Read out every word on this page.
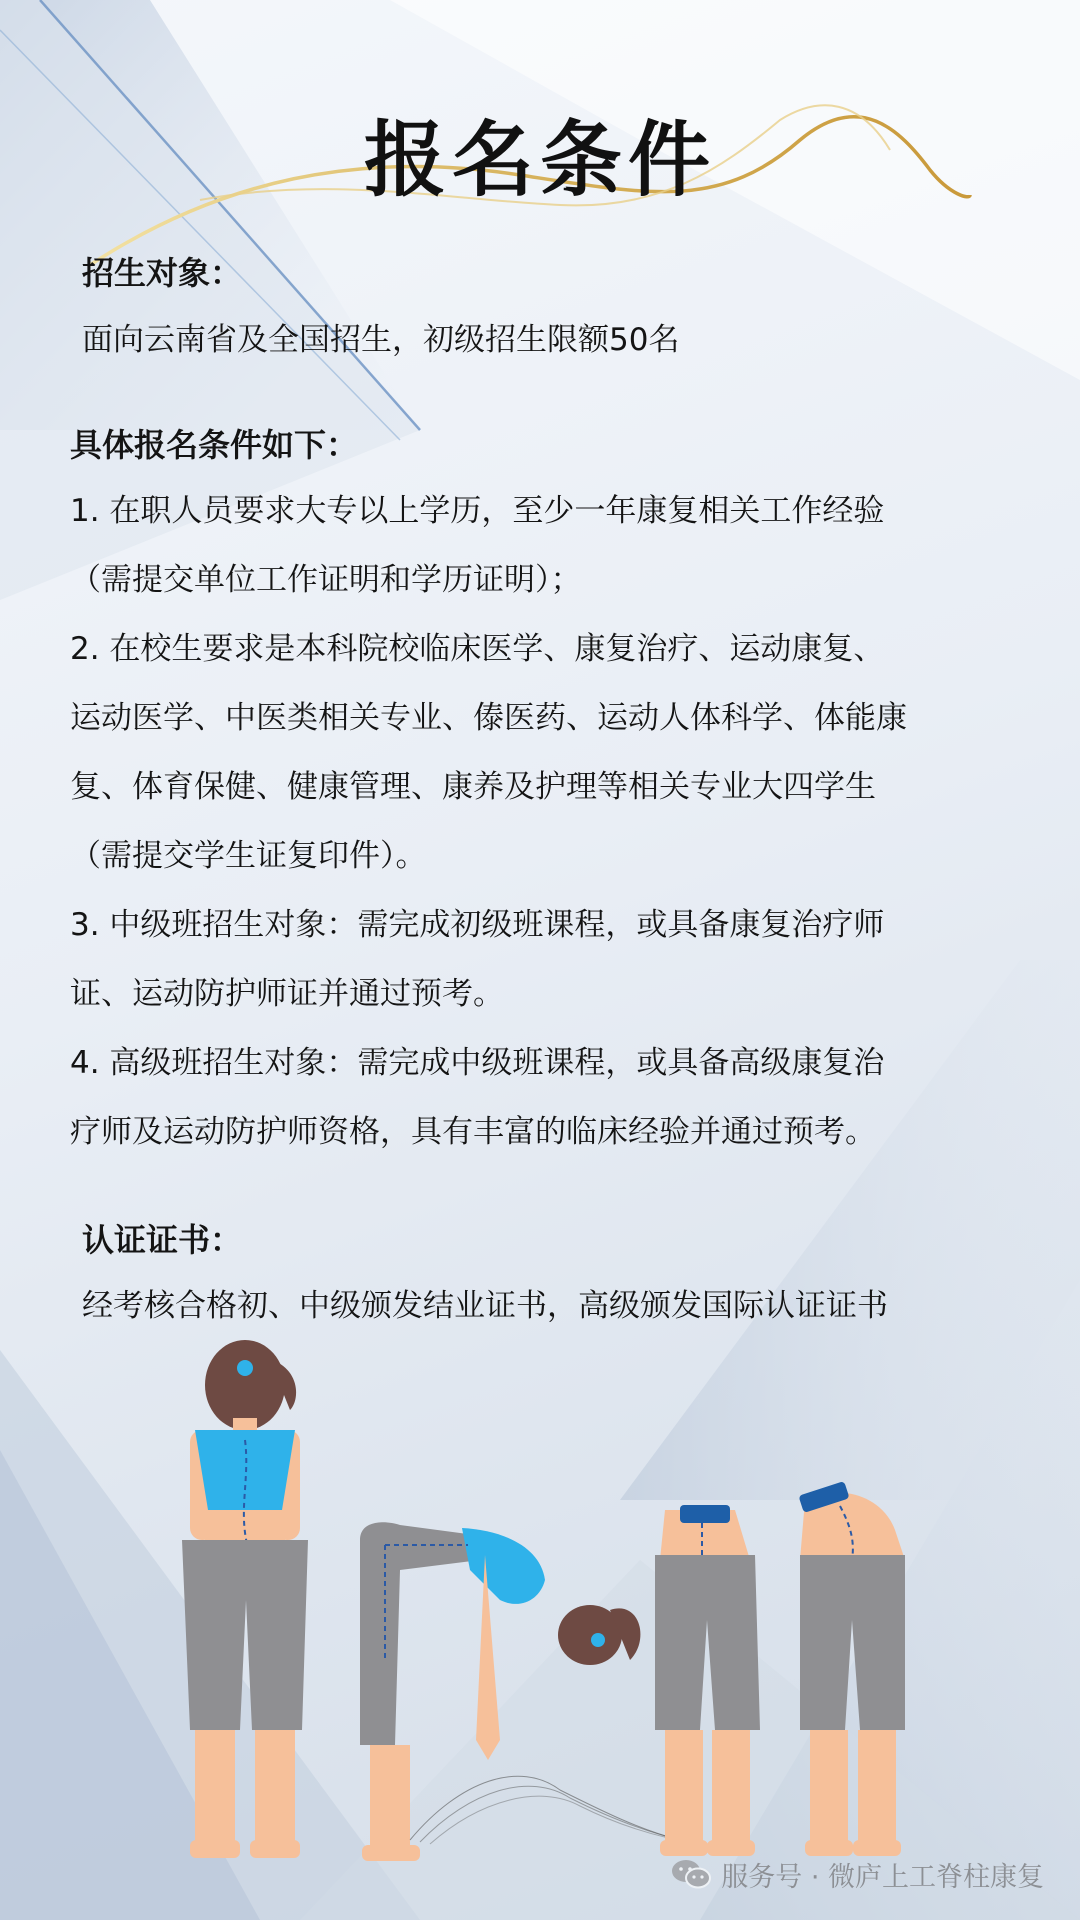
报名条件
招生对象：
面向云南省及全国招生，初级招生限额50名
具体报名条件如下：
1. 在职人员要求大专以上学历，至少一年康复相关工作经验
（需提交单位工作证明和学历证明）；
2. 在校生要求是本科院校临床医学、康复治疗、运动康复、
运动医学、中医类相关专业、傣医药、运动人体科学、体能康
复、体育保健、健康管理、康养及护理等相关专业大四学生
（需提交学生证复印件）。
3. 中级班招生对象：需完成初级班课程，或具备康复治疗师
证、运动防护师证并通过预考。
4. 高级班招生对象：需完成中级班课程，或具备高级康复治
疗师及运动防护师资格，具有丰富的临床经验并通过预考。
认证证书：
经考核合格初、中级颁发结业证书，高级颁发国际认证证书
服务号 · 微庐上工脊柱康复
